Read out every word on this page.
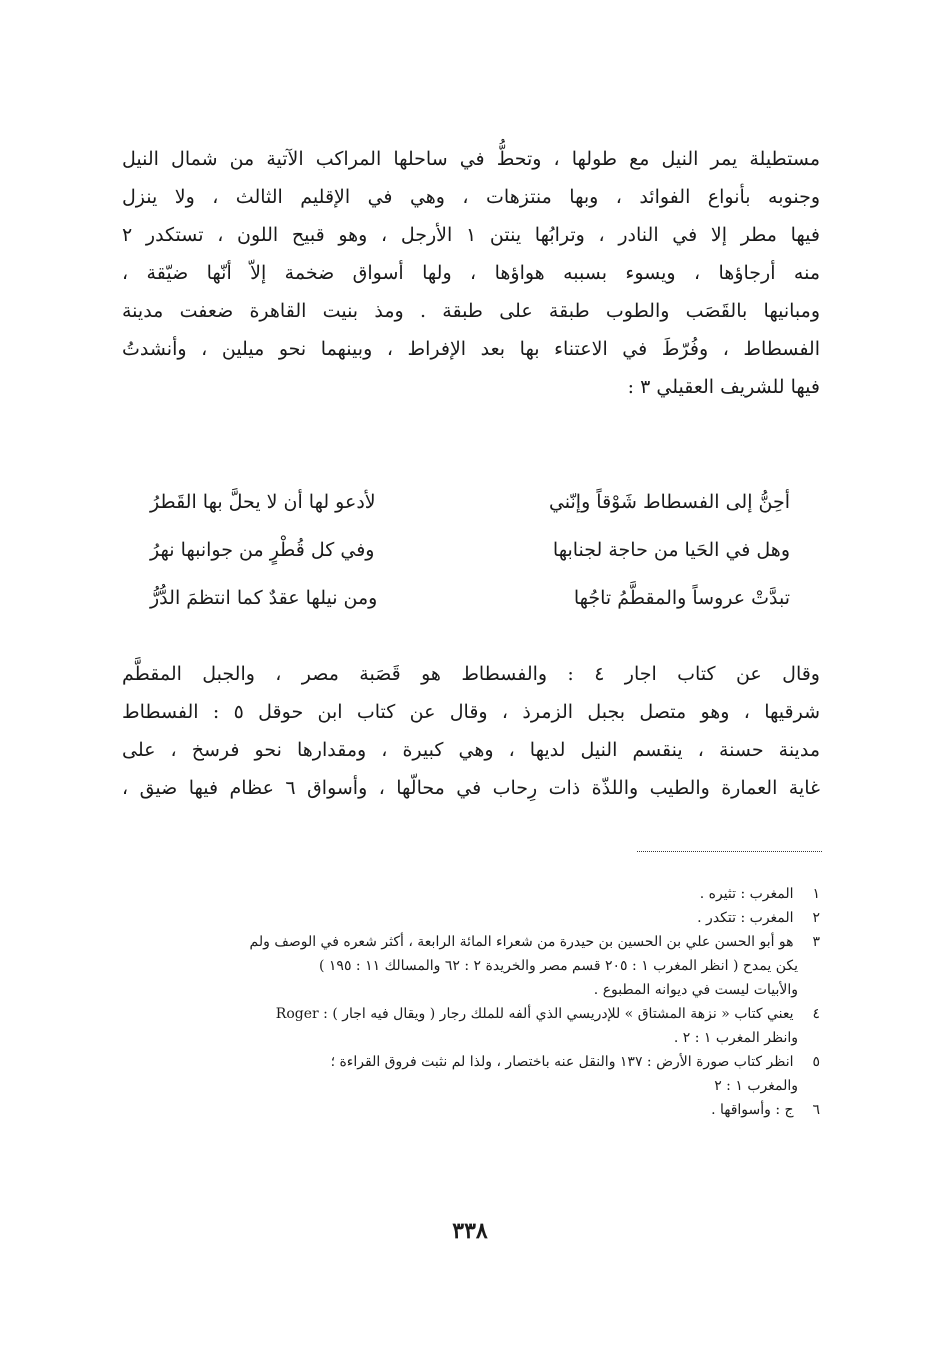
مستطيلة يمر النيل مع طولها ، وتحطُّ في ساحلها المراكب الآتية من شمال النيل
وجنوبه بأنواع الفوائد ، وبها منتزهات ، وهي في الإقليم الثالث ، ولا ينزل
فيها مطر إلا في النادر ، وترابُها ينتن ١ الأرجل ، وهو قبيح اللون ، تستكدر ٢
منه أرجاؤها ، ويسوء بسببه هواؤها ، ولها أسواق ضخمة إلاّ أنّها ضيّقة ،
ومبانيها بالقَصَب والطوب طبقة على طبقة . ومذ بنيت القاهرة ضعفت مدينة
الفسطاط ، وفُرّطَ في الاعتناء بها بعد الإفراط ، وبينهما نحو ميلين ، وأنشدتُ
فيها للشريف العقيلي ٣ :
أحِنُّ إلى الفسطاط شَوْقاً وإنّني
لأدعو لها أن لا يحلَّ بها القَطرُ
وهل في الحَيا من حاجة لجنابها
وفي كل قُطْرٍ من جوانبها نهرُ
تبدَّتْ عروساً والمقطَّمُ تاجُها
ومن نيلها عقدٌ كما انتظمَ الدُّرُّ
وقال عن كتاب اجار ٤ : والفسطاط هو قَصَبة مصر ، والجبل المقطَّم
شرقيها ، وهو متصل بجبل الزمرذ ، وقال عن كتاب ابن حوقل ٥ : الفسطاط
مدينة حسنة ، ينقسم النيل لديها ، وهي كبيرة ، ومقدارها نحو فرسخ ، على
غاية العمارة والطيب واللذّة ذات رِحاب في محالّها ، وأسواق ٦ عظام فيها ضيق ،
١ المغرب : تثيره .
٢ المغرب : تتكدر .
٣ هو أبو الحسن علي بن الحسين بن حيدرة من شعراء المائة الرابعة ، أكثر شعره في الوصف ولم
يكن يمدح ( انظر المغرب ١ : ٢٠٥ قسم مصر والخريدة ٢ : ٦٢ والمسالك ١١ : ١٩٥ )
والأبيات ليست في ديوانه المطبوع .
٤ يعني كتاب « نزهة المشتاق » للإدريسي الذي ألفه للملك رجار ( ويقال فيه اجار ) : Roger
وانظر المغرب ١ : ٢ .
٥ انظر كتاب صورة الأرض : ١٣٧ والنقل عنه باختصار ، ولذا لم نثبت فروق القراءة ؛
والمغرب ١ : ٢
٦ ج : وأسواقها .
٣٣٨
